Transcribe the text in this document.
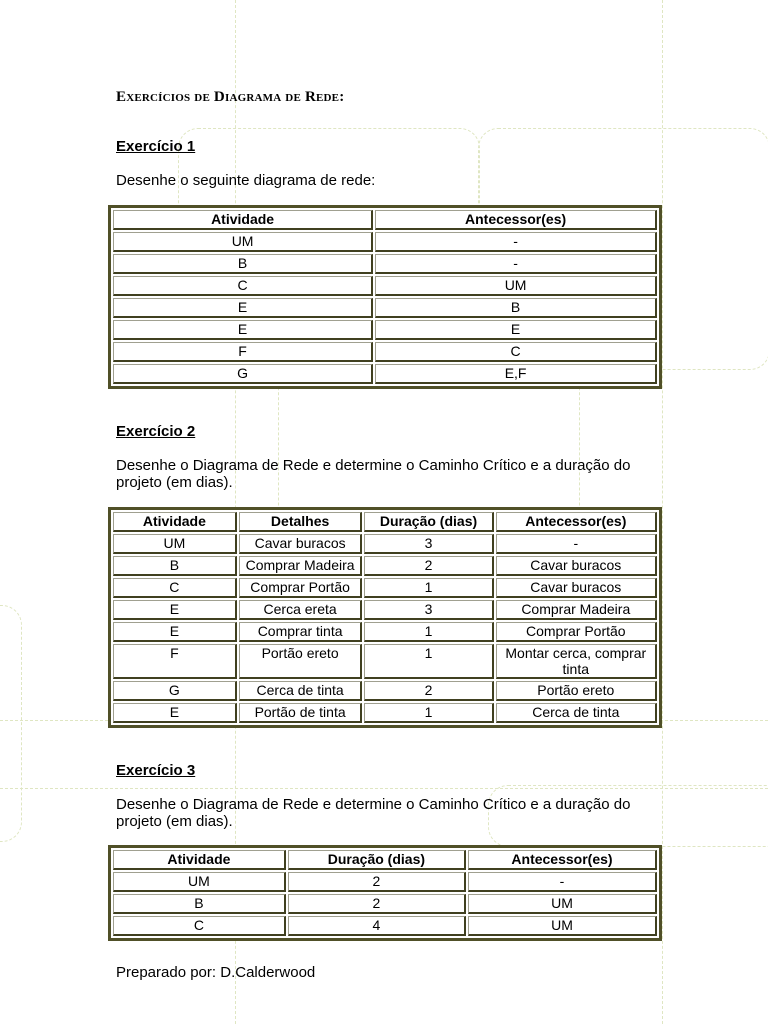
Exercícios de Diagrama de Rede:
Exercício 1
Desenhe o seguinte diagrama de rede:
Atividade	Antecessor(es)
UM	-
B	-
C	UM
E	B
E	E
F	C
G	E,F
Exercício 2
Desenhe o Diagrama de Rede e determine o Caminho Crítico e a duração do projeto (em dias).
Atividade	Detalhes	Duração (dias)	Antecessor(es)
UM	Cavar buracos	3	-
B	Comprar Madeira	2	Cavar buracos
C	Comprar Portão	1	Cavar buracos
E	Cerca ereta	3	Comprar Madeira
E	Comprar tinta	1	Comprar Portão
F	Portão ereto	1	Montar cerca, comprar tinta
G	Cerca de tinta	2	Portão ereto
E	Portão de tinta	1	Cerca de tinta
Exercício 3
Desenhe o Diagrama de Rede e determine o Caminho Crítico e a duração do projeto (em dias).
Atividade	Duração (dias)	Antecessor(es)
UM	2	-
B	2	UM
C	4	UM
Preparado por: D.Calderwood
